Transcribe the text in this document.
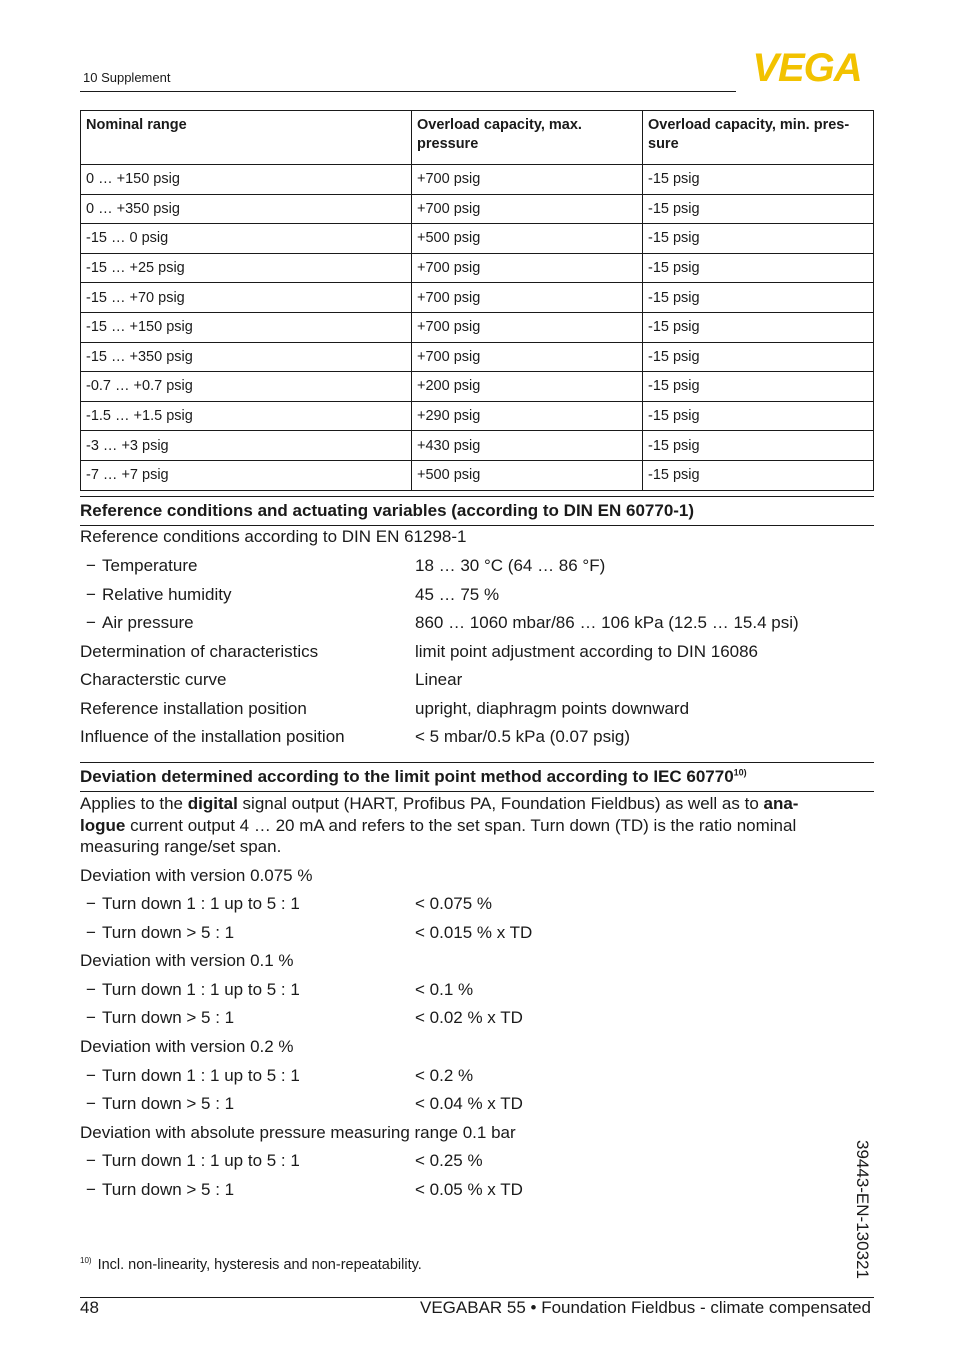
10 Supplement	VEGA
Nominal range	Overload capacity, max. pressure	Overload capacity, min. pres-sure
0 … +150 psig	+700 psig	-15 psig
0 … +350 psig	+700 psig	-15 psig
-15 … 0 psig	+500 psig	-15 psig
-15 … +25 psig	+700 psig	-15 psig
-15 … +70 psig	+700 psig	-15 psig
-15 … +150 psig	+700 psig	-15 psig
-15 … +350 psig	+700 psig	-15 psig
-0.7 … +0.7 psig	+200 psig	-15 psig
-1.5 … +1.5 psig	+290 psig	-15 psig
-3 … +3 psig	+430 psig	-15 psig
-7 … +7 psig	+500 psig	-15 psig
Reference conditions and actuating variables (according to DIN EN 60770-1)
Reference conditions according to DIN EN 61298-1
− Temperature	18 … 30 °C (64 … 86 °F)
− Relative humidity	45 … 75 %
− Air pressure	860 … 1060 mbar/86 … 106 kPa (12.5 … 15.4 psi)
Determination of characteristics	limit point adjustment according to DIN 16086
Characterstic curve	Linear
Reference installation position	upright, diaphragm points downward
Influence of the installation position	< 5 mbar/0.5 kPa (0.07 psig)
Deviation determined according to the limit point method according to IEC 60770$^{10)}$
Applies to the digital signal output (HART, Profibus PA, Foundation Fieldbus) as well as to ana-
logue current output 4 … 20 mA and refers to the set span. Turn down (TD) is the ratio nominal measuring range/set span.
Deviation with version 0.075 %
− Turn down 1 : 1 up to 5 : 1	< 0.075 %
− Turn down > 5 : 1	< 0.015 % x TD
Deviation with version 0.1 %
− Turn down 1 : 1 up to 5 : 1	< 0.1 %
− Turn down > 5 : 1	< 0.02 % x TD
Deviation with version 0.2 %
− Turn down 1 : 1 up to 5 : 1	< 0.2 %
− Turn down > 5 : 1	< 0.04 % x TD
Deviation with absolute pressure measuring range 0.1 bar
− Turn down 1 : 1 up to 5 : 1	< 0.25 %
− Turn down > 5 : 1	< 0.05 % x TD
$^{10)}$ Incl. non-linearity, hysteresis and non-repeatability.	39443-EN-130321
48	VEGABAR 55 • Foundation Fieldbus - climate compensated
